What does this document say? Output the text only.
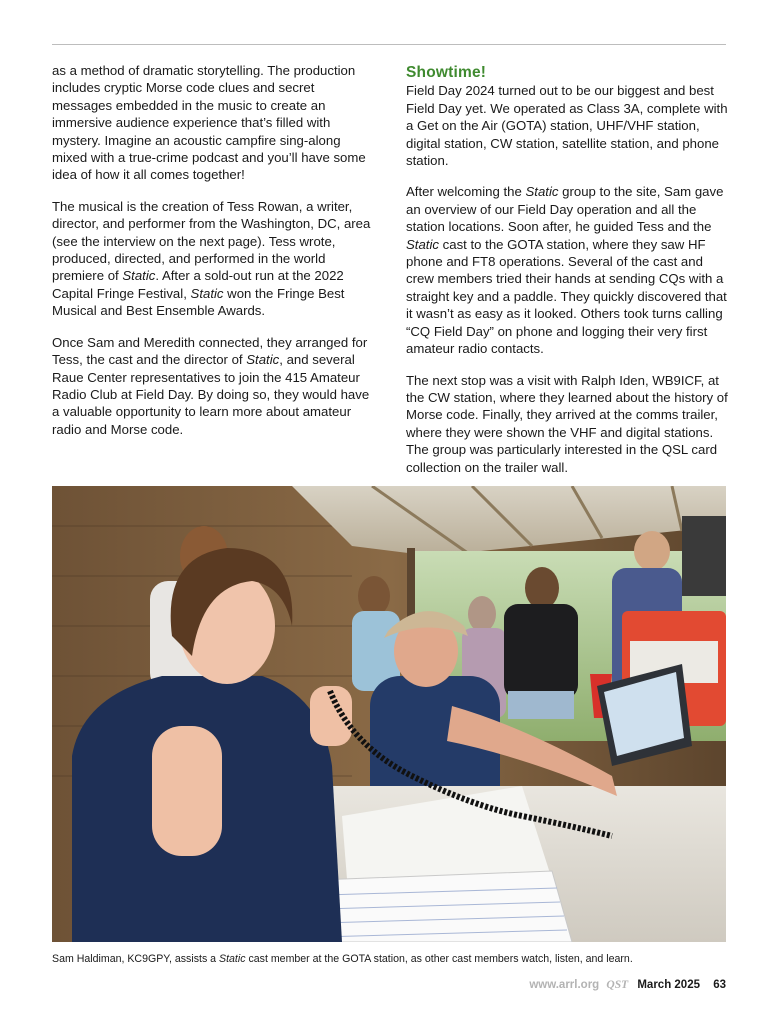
as a method of dramatic storytelling. The production includes cryptic Morse code clues and secret messages embedded in the music to create an immersive audience experience that’s filled with mystery. Imagine an acoustic campfire sing-along mixed with a true-crime podcast and you’ll have some idea of how it all comes together!

The musical is the creation of Tess Rowan, a writer, director, and performer from the Washington, DC, area (see the interview on the next page). Tess wrote, produced, directed, and performed in the world premiere of Static. After a sold-out run at the 2022 Capital Fringe Festival, Static won the Fringe Best Musical and Best Ensemble Awards.

Once Sam and Meredith connected, they arranged for Tess, the cast and the director of Static, and several Raue Center representatives to join the 415 Amateur Radio Club at Field Day. By doing so, they would have a valuable opportunity to learn more about amateur radio and Morse code.

Showtime!

Field Day 2024 turned out to be our biggest and best Field Day yet. We operated as Class 3A, complete with a Get on the Air (GOTA) station, UHF/VHF station, digital station, CW station, satellite station, and phone station.

After welcoming the Static group to the site, Sam gave an overview of our Field Day operation and all the station locations. Soon after, he guided Tess and the Static cast to the GOTA station, where they saw HF phone and FT8 operations. Several of the cast and crew members tried their hands at sending CQs with a straight key and a paddle. They quickly discovered that it wasn’t as easy as it looked. Others took turns calling “CQ Field Day” on phone and logging their very first amateur radio contacts.

The next stop was a visit with Ralph Iden, WB9ICF, at the CW station, where they learned about the history of Morse code. Finally, they arrived at the comms trailer, where they were shown the VHF and digital stations. The group was particularly interested in the QSL card collection on the trailer wall.

Sam Haldiman, KC9GPY, assists a Static cast member at the GOTA station, as other cast members watch, listen, and learn.
www.arrl.org QST March 2025 63
